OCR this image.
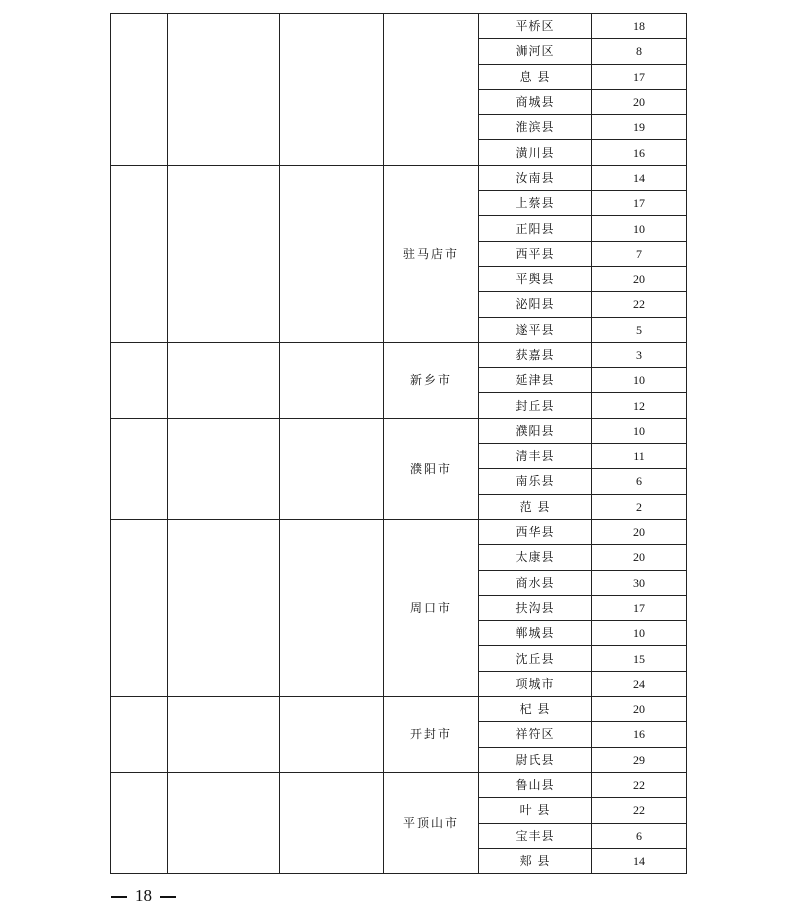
				平桥区	18
				浉河区	8
				息 县	17
				商城县	20
				淮滨县	19
				潢川县	16
			驻马店市	汝南县	14
				上蔡县	17
				正阳县	10
				西平县	7
				平舆县	20
				泌阳县	22
				遂平县	5
			新乡市	获嘉县	3
				延津县	10
				封丘县	12
			濮阳市	濮阳县	10
				清丰县	11
				南乐县	6
				范 县	2
			周口市	西华县	20
				太康县	20
				商水县	30
				扶沟县	17
				郸城县	10
				沈丘县	15
				项城市	24
			开封市	杞 县	20
				祥符区	16
				尉氏县	29
			平顶山市	鲁山县	22
				叶 县	22
				宝丰县	6
				郏 县	14
18
